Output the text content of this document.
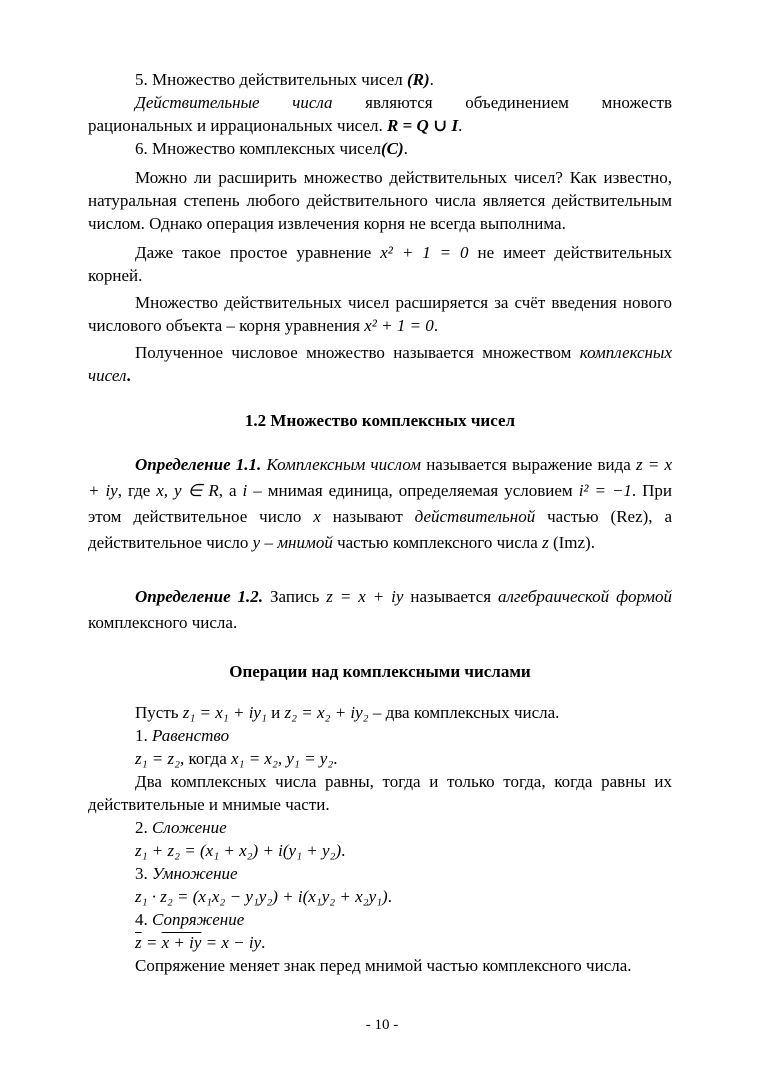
5. Множество действительных чисел (R).

Действительные числа являются объединением множеств

рациональных и иррациональных чисел. R = Q ∪ I.

6. Множество комплексных чисел(C).

Можно ли расширить множество действительных чисел? Как известно, натуральная степень любого действительного числа является действительным числом. Однако операция извлечения корня не всегда выполнима.

Даже такое простое уравнение x² + 1 = 0 не имеет действительных корней.

Множество действительных чисел расширяется за счёт введения нового числового объекта – корня уравнения x² + 1 = 0.

Полученное числовое множество называется множеством комплексных чисел.

1.2 Множество комплексных чисел

Определение 1.1. Комплексным числом называется выражение вида z = x + iy, где x, y ∈ R, а i – мнимая единица, определяемая условием i² = −1. При этом действительное число x называют действительной частью (Rez), а действительное число y – мнимой частью комплексного числа z (Imz).

Определение 1.2. Запись z = x + iy называется алгебраической формой комплексного числа.

Операции над комплексными числами

Пусть z₁ = x₁ + iy₁ и z₂ = x₂ + iy₂ – два комплексных числа.

1. Равенство

z₁ = z₂, когда x₁ = x₂, y₁ = y₂.

Два комплексных числа равны, тогда и только тогда, когда равны их действительные и мнимые части.

2. Сложение

z₁ + z₂ = (x₁ + x₂) + i(y₁ + y₂).

3. Умножение

z₁ · z₂ = (x₁x₂ − y₁y₂) + i(x₁y₂ + x₂y₁).

4. Сопряжение

$\overline{z} = x$ + iy = x − iy.

Сопряжение меняет знак перед мнимой частью комплексного числа.

- 10 -
